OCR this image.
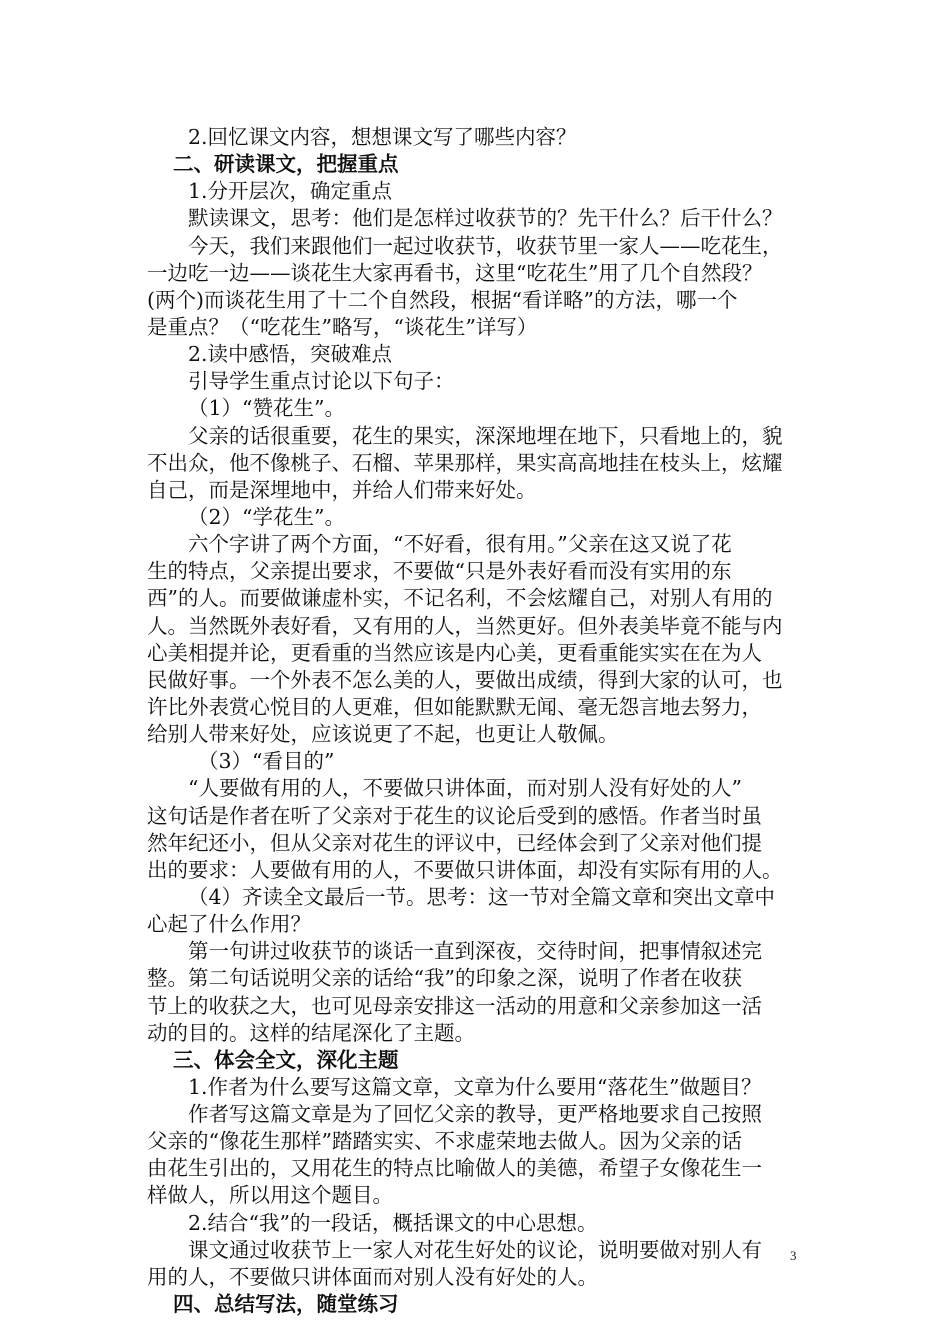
2.回忆课文内容，想想课文写了哪些内容？
二、研读课文，把握重点
1.分开层次，确定重点
默读课文，思考：他们是怎样过收获节的？先干什么？后干什么？
今天，我们来跟他们一起过收获节，收获节里一家人——吃花生，
一边吃一边——谈花生大家再看书，这里“吃花生”用了几个自然段？
(两个)而谈花生用了十二个自然段，根据“看详略”的方法，哪一个
是重点？（“吃花生”略写，“谈花生”详写）
2.读中感悟，突破难点
引导学生重点讨论以下句子：
（1）“赞花生”。
父亲的话很重要，花生的果实，深深地埋在地下，只看地上的，貌
不出众，他不像桃子、石榴、苹果那样，果实高高地挂在枝头上，炫耀
自己，而是深埋地中，并给人们带来好处。
（2）“学花生”。
六个字讲了两个方面，“不好看，很有用。”父亲在这又说了花
生的特点，父亲提出要求，不要做“只是外表好看而没有实用的东
西”的人。而要做谦虚朴实，不记名利，不会炫耀自己，对别人有用的
人。当然既外表好看，又有用的人，当然更好。但外表美毕竟不能与内
心美相提并论，更看重的当然应该是内心美，更看重能实实在在为人
民做好事。一个外表不怎么美的人，要做出成绩，得到大家的认可，也
许比外表赏心悦目的人更难，但如能默默无闻、毫无怨言地去努力，
给别人带来好处，应该说更了不起，也更让人敬佩。
（3）“看目的”
“人要做有用的人，不要做只讲体面，而对别人没有好处的人”
这句话是作者在听了父亲对于花生的议论后受到的感悟。作者当时虽
然年纪还小，但从父亲对花生的评议中，已经体会到了父亲对他们提
出的要求：人要做有用的人，不要做只讲体面，却没有实际有用的人。
（4）齐读全文最后一节。思考：这一节对全篇文章和突出文章中
心起了什么作用？
第一句讲过收获节的谈话一直到深夜，交待时间，把事情叙述完
整。第二句话说明父亲的话给“我”的印象之深，说明了作者在收获
节上的收获之大，也可见母亲安排这一活动的用意和父亲参加这一活
动的目的。这样的结尾深化了主题。
三、体会全文，深化主题
1.作者为什么要写这篇文章，文章为什么要用“落花生”做题目？
作者写这篇文章是为了回忆父亲的教导，更严格地要求自己按照
父亲的“像花生那样”踏踏实实、不求虚荣地去做人。因为父亲的话
由花生引出的，又用花生的特点比喻做人的美德，希望子女像花生一
样做人，所以用这个题目。
2.结合“我”的一段话，概括课文的中心思想。
课文通过收获节上一家人对花生好处的议论，说明要做对别人有
用的人，不要做只讲体面而对别人没有好处的人。
四、总结写法，随堂练习
3
